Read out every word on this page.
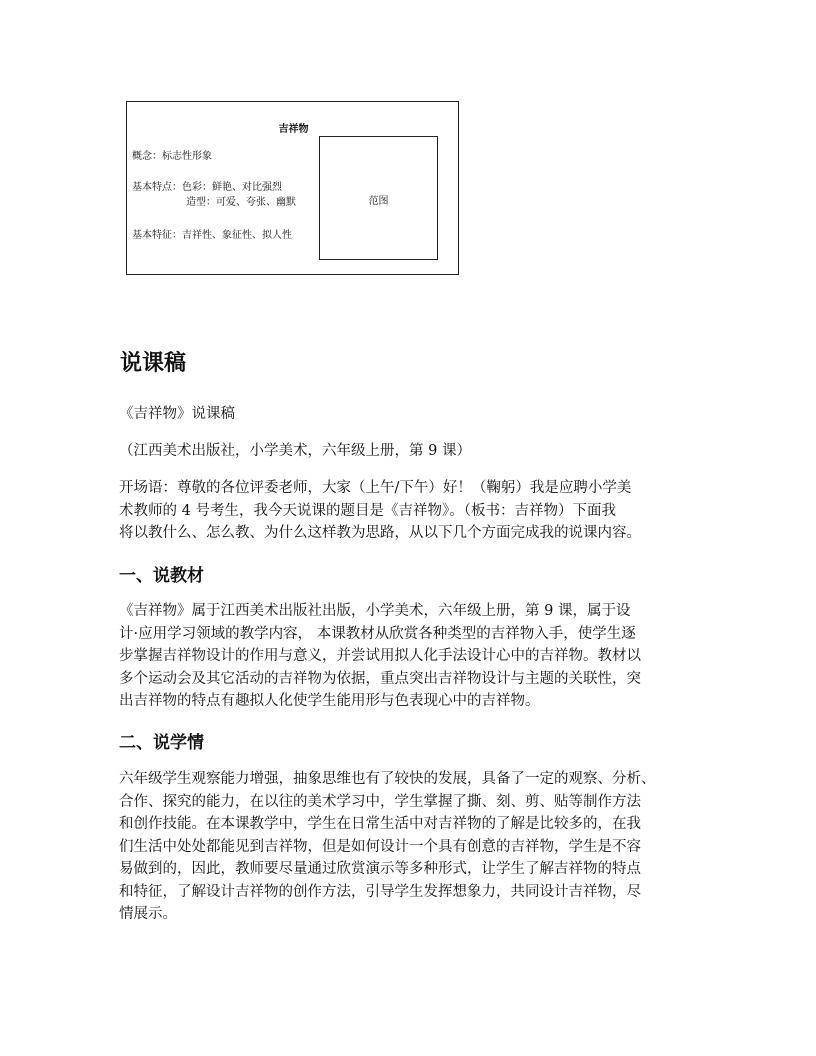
吉祥物
概念：标志性形象
基本特点：色彩：鲜艳、对比强烈
造型：可爱、夸张、幽默
基本特征：吉祥性、象征性、拟人性
范图
说课稿

《吉祥物》说课稿

（江西美术出版社，小学美术，六年级上册，第 9 课）

开场语：尊敬的各位评委老师，大家（上午/下午）好！（鞠躬）我是应聘小学美
术教师的 4 号考生，我今天说课的题目是《吉祥物》。（板书：吉祥物）下面我
将以教什么、怎么教、为什么这样教为思路，从以下几个方面完成我的说课内容。

一、说教材

《吉祥物》属于江西美术出版社出版，小学美术，六年级上册，第 9 课，属于设
计·应用学习领域的教学内容， 本课教材从欣赏各种类型的吉祥物入手，使学生逐
步掌握吉祥物设计的作用与意义，并尝试用拟人化手法设计心中的吉祥物。教材以
多个运动会及其它活动的吉祥物为依据，重点突出吉祥物设计与主题的关联性，突
出吉祥物的特点有趣拟人化使学生能用形与色表现心中的吉祥物。

二、说学情

六年级学生观察能力增强，抽象思维也有了较快的发展，具备了一定的观察、分析、
合作、探究的能力，在以往的美术学习中，学生掌握了撕、刻、剪、贴等制作方法
和创作技能。在本课教学中，学生在日常生活中对吉祥物的了解是比较多的，在我
们生活中处处都能见到吉祥物，但是如何设计一个具有创意的吉祥物，学生是不容
易做到的，因此，教师要尽量通过欣赏演示等多种形式，让学生了解吉祥物的特点
和特征，了解设计吉祥物的创作方法，引导学生发挥想象力，共同设计吉祥物，尽
情展示。
